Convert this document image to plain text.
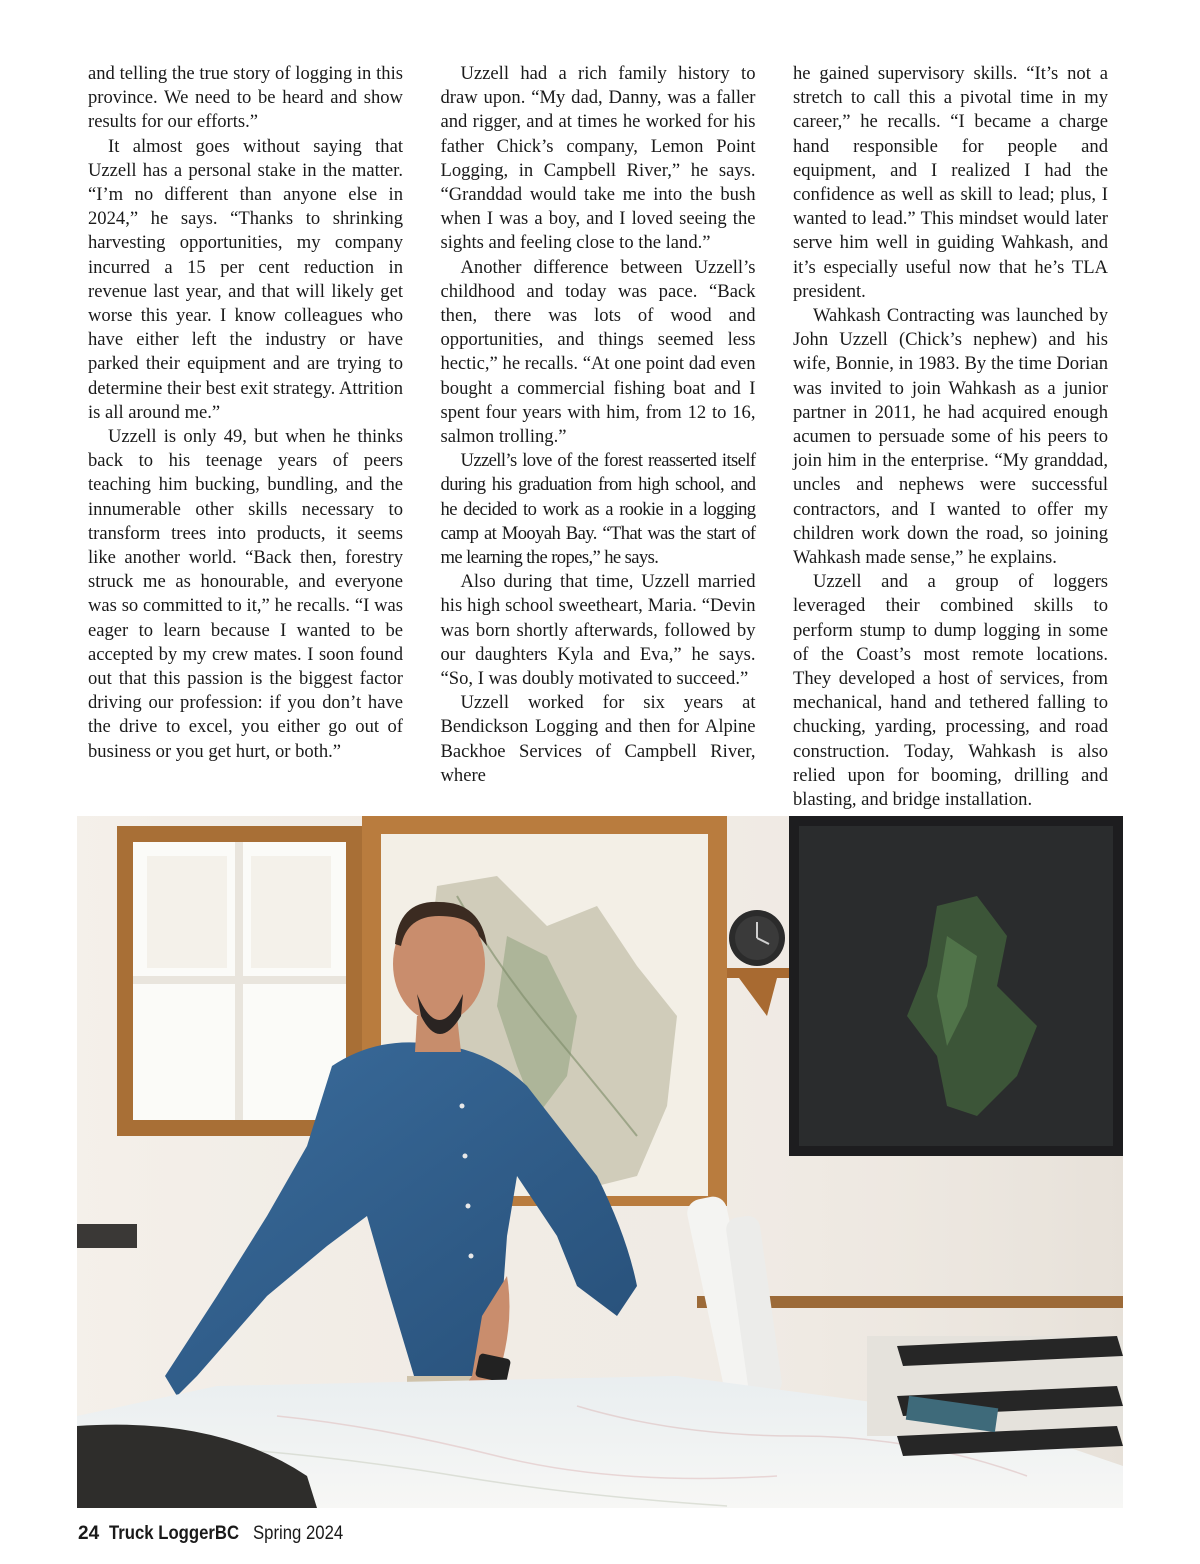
and telling the true story of logging in this province. We need to be heard and show results for our efforts.”

It almost goes without saying that Uzzell has a personal stake in the matter. “I’m no different than anyone else in 2024,” he says. “Thanks to shrinking harvesting opportunities, my company incurred a 15 per cent reduction in revenue last year, and that will likely get worse this year. I know colleagues who have either left the industry or have parked their equipment and are trying to determine their best exit strategy. Attrition is all around me.”

Uzzell is only 49, but when he thinks back to his teenage years of peers teaching him bucking, bundling, and the innumerable other skills necessary to transform trees into products, it seems like another world. “Back then, forestry struck me as honourable, and everyone was so committed to it,” he recalls. “I was eager to learn because I wanted to be accepted by my crew mates. I soon found out that this passion is the biggest factor driving our profession: if you don’t have the drive to excel, you either go out of business or you get hurt, or both.”

Uzzell had a rich family history to draw upon. “My dad, Danny, was a faller and rigger, and at times he worked for his father Chick’s company, Lemon Point Logging, in Campbell River,” he says. “Granddad would take me into the bush when I was a boy, and I loved seeing the sights and feeling close to the land.”

Another difference between Uzzell’s childhood and today was pace. “Back then, there was lots of wood and opportunities, and things seemed less hectic,” he recalls. “At one point dad even bought a commercial fishing boat and I spent four years with him, from 12 to 16, salmon trolling.”

Uzzell’s love of the forest reasserted itself during his graduation from high school, and he decided to work as a rookie in a logging camp at Mooyah Bay. “That was the start of me learning the ropes,” he says.

Also during that time, Uzzell married his high school sweetheart, Maria. “Devin was born shortly afterwards, followed by our daughters Kyla and Eva,” he says. “So, I was doubly motivated to succeed.”

Uzzell worked for six years at Bendickson Logging and then for Alpine Backhoe Services of Campbell River, where

he gained supervisory skills. “It’s not a stretch to call this a pivotal time in my career,” he recalls. “I became a charge hand responsible for people and equipment, and I realized I had the confidence as well as skill to lead; plus, I wanted to lead.” This mindset would later serve him well in guiding Wahkash, and it’s especially useful now that he’s TLA president.

Wahkash Contracting was launched by John Uzzell (Chick’s nephew) and his wife, Bonnie, in 1983. By the time Dorian was invited to join Wahkash as a junior partner in 2011, he had acquired enough acumen to persuade some of his peers to join him in the enterprise. “My granddad, uncles and nephews were successful contractors, and I wanted to offer my children work down the road, so joining Wahkash made sense,” he explains.

Uzzell and a group of loggers leveraged their combined skills to perform stump to dump logging in some of the Coast’s most remote locations. They developed a host of services, from mechanical, hand and tethered falling to chucking, yarding, processing, and road construction. Today, Wahkash is also relied upon for booming, drilling and blasting, and bridge installation.

24 Truck LoggerBC Spring 2024
